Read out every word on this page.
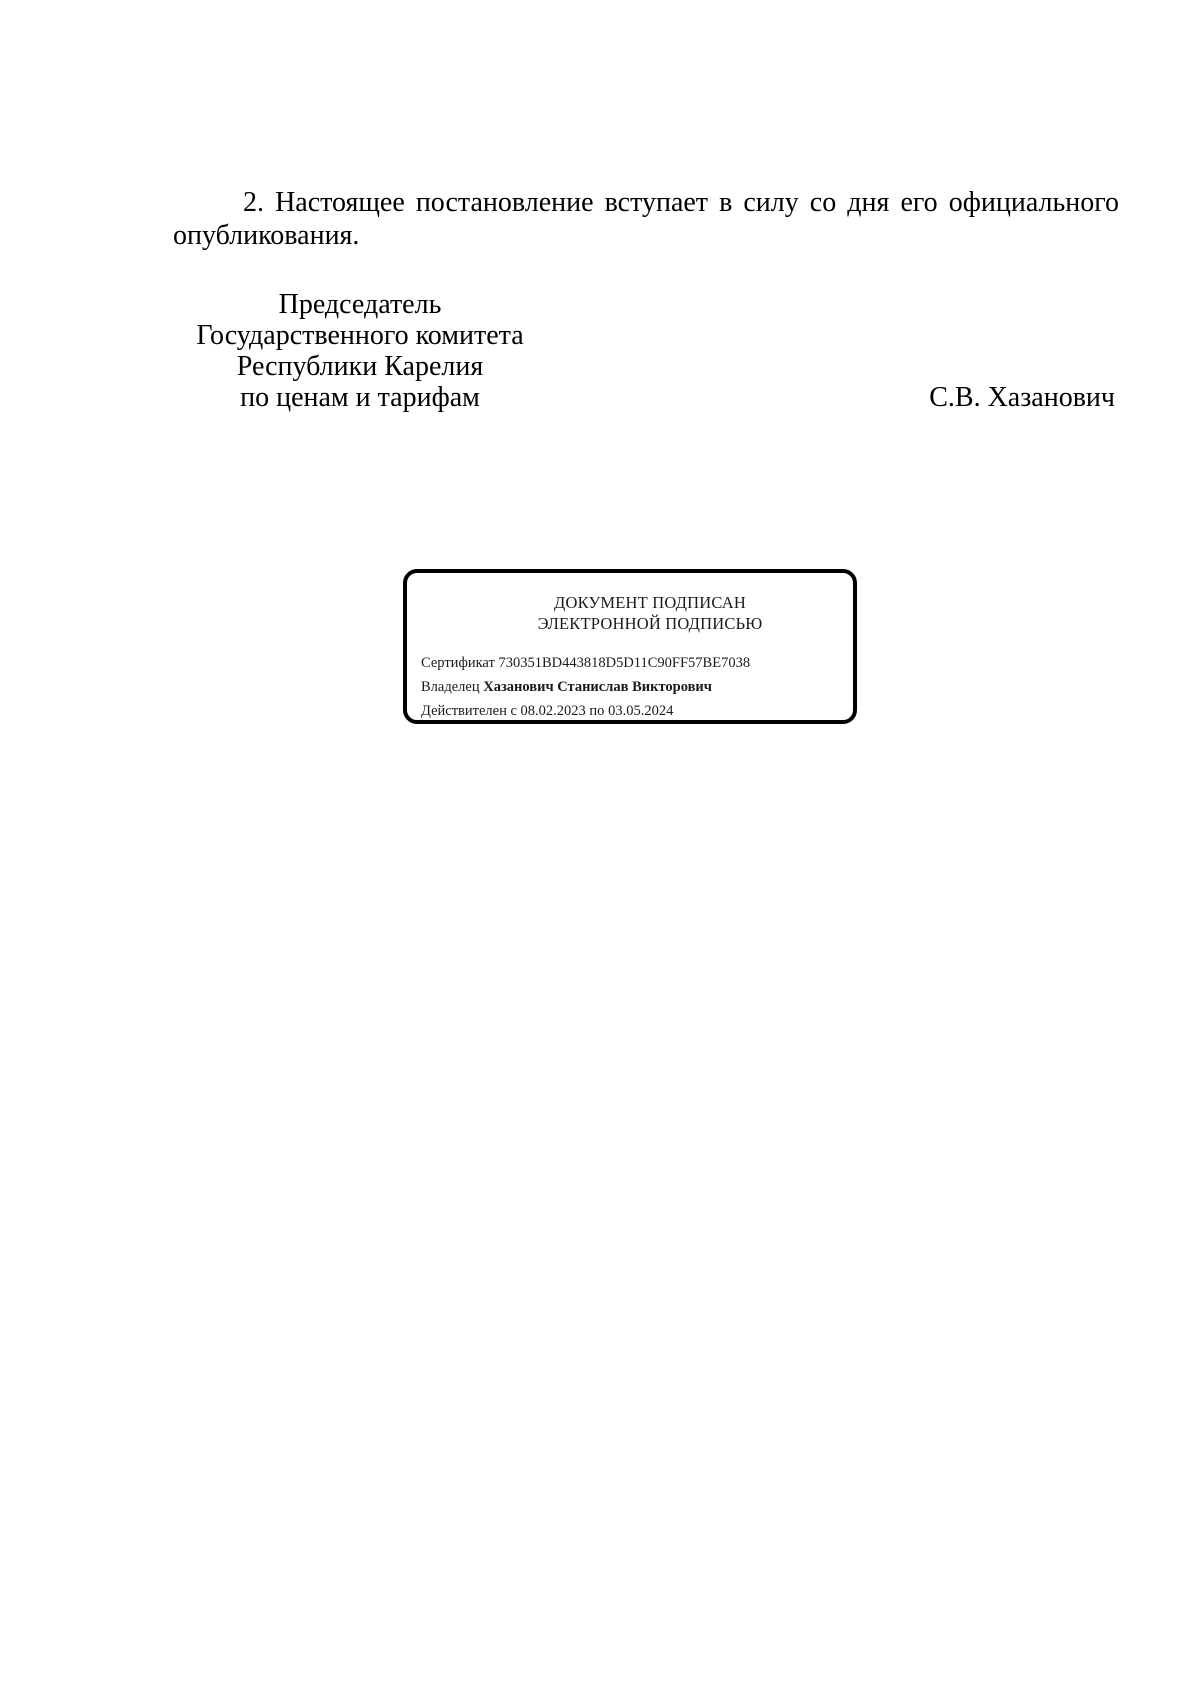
2. Настоящее постановление вступает в силу со дня его официального опубликования.
Председатель
Государственного комитета
Республики Карелия
по ценам и тарифам	С.В. Хазанович
ДОКУМЕНТ ПОДПИСАН
ЭЛЕКТРОННОЙ ПОДПИСЬЮ
Сертификат 730351BD443818D5D11C90FF57BE7038
Владелец Хазанович Станислав Викторович
Действителен с 08.02.2023 по 03.05.2024
